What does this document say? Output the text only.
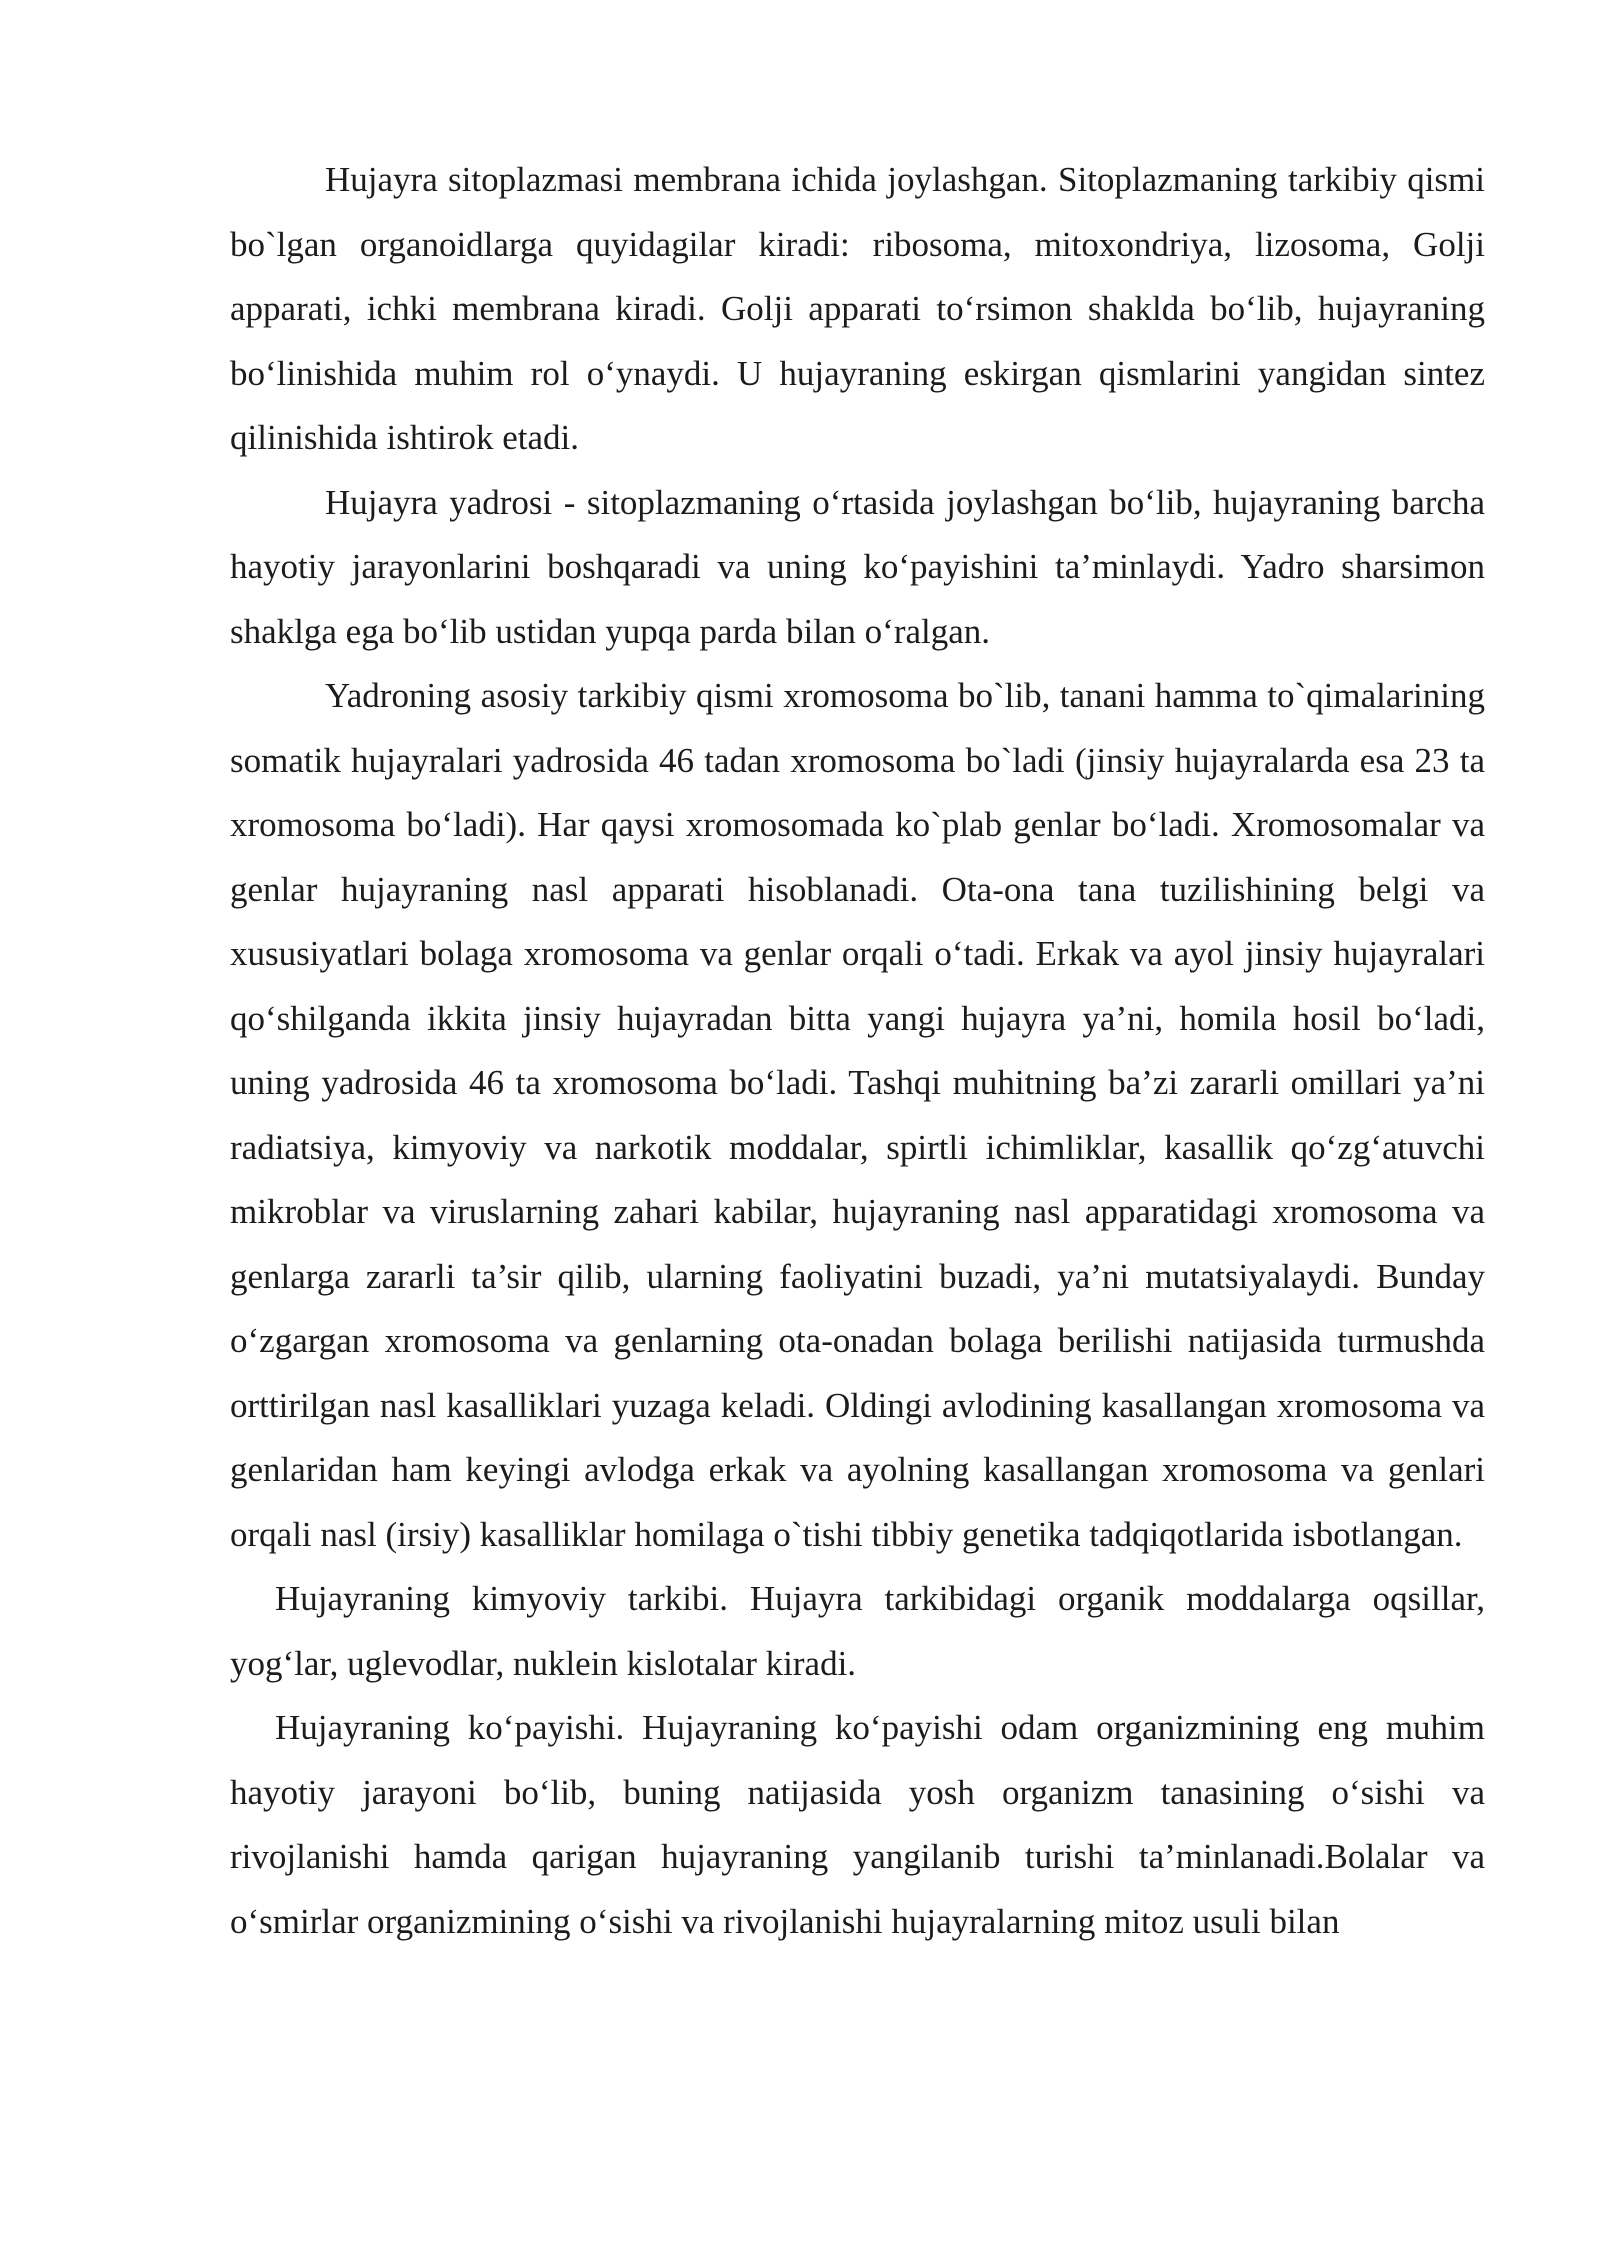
Hujayra sitoplazmasi membrana ichida joylashgan. Sitoplazmaning tarkibiy qismi bo`lgan organoidlarga quyidagilar kiradi: ribosoma, mitoxondriya, lizosoma, Golji apparati, ichki membrana kiradi. Golji apparati to‘rsimon shaklda bo‘lib, hujayraning bo‘linishida muhim rol o‘ynaydi. U hujayraning eskirgan qismlarini yangidan sintez qilinishida ishtirok etadi.

Hujayra yadrosi - sitoplazmaning o‘rtasida joylashgan bo‘lib, hujayraning barcha hayotiy jarayonlarini boshqaradi va uning ko‘payishini ta’minlaydi. Yadro sharsimon shaklga ega bo‘lib ustidan yupqa parda bilan o‘ralgan.

Yadroning asosiy tarkibiy qismi xromosoma bo`lib, tanani hamma to`qimalarining somatik hujayralari yadrosida 46 tadan xromosoma bo`ladi (jinsiy hujayralarda esa 23 ta xromosoma bo‘ladi). Har qaysi xromosomada ko`plab genlar bo‘ladi. Xromosomalar va genlar hujayraning nasl apparati hisoblanadi. Ota-ona tana tuzilishining belgi va xususiyatlari bolaga xromosoma va genlar orqali o‘tadi. Erkak va ayol jinsiy hujayralari qo‘shilganda ikkita jinsiy hujayradan bitta yangi hujayra ya’ni, homila hosil bo‘ladi, uning yadrosida 46 ta xromosoma bo‘ladi. Tashqi muhitning ba’zi zararli omillari ya’ni radiatsiya, kimyoviy va narkotik moddalar, spirtli ichimliklar, kasallik qo‘zg‘atuvchi mikroblar va viruslarning zahari kabilar, hujayraning nasl apparatidagi xromosoma va genlarga zararli ta’sir qilib, ularning faoliyatini buzadi, ya’ni mutatsiyalaydi. Bunday o‘zgargan xromosoma va genlarning ota-onadan bolaga berilishi natijasida turmushda orttirilgan nasl kasalliklari yuzaga keladi. Oldingi avlodining kasallangan xromosoma va genlaridan ham keyingi avlodga erkak va ayolning kasallangan xromosoma va genlari orqali nasl (irsiy) kasalliklar homilaga o`tishi tibbiy genetika tadqiqotlarida isbotlangan.

Hujayraning kimyoviy tarkibi. Hujayra tarkibidagi organik moddalarga oqsillar, yog‘lar, uglevodlar, nuklein kislotalar kiradi.

Hujayraning ko‘payishi. Hujayraning ko‘payishi odam organizmining eng muhim hayotiy jarayoni bo‘lib, buning natijasida yosh organizm tanasining o‘sishi va rivojlanishi hamda qarigan hujayraning yangilanib turishi ta’minlanadi.Bolalar va o‘smirlar organizmining o‘sishi va rivojlanishi hujayralarning mitoz usuli bilan
